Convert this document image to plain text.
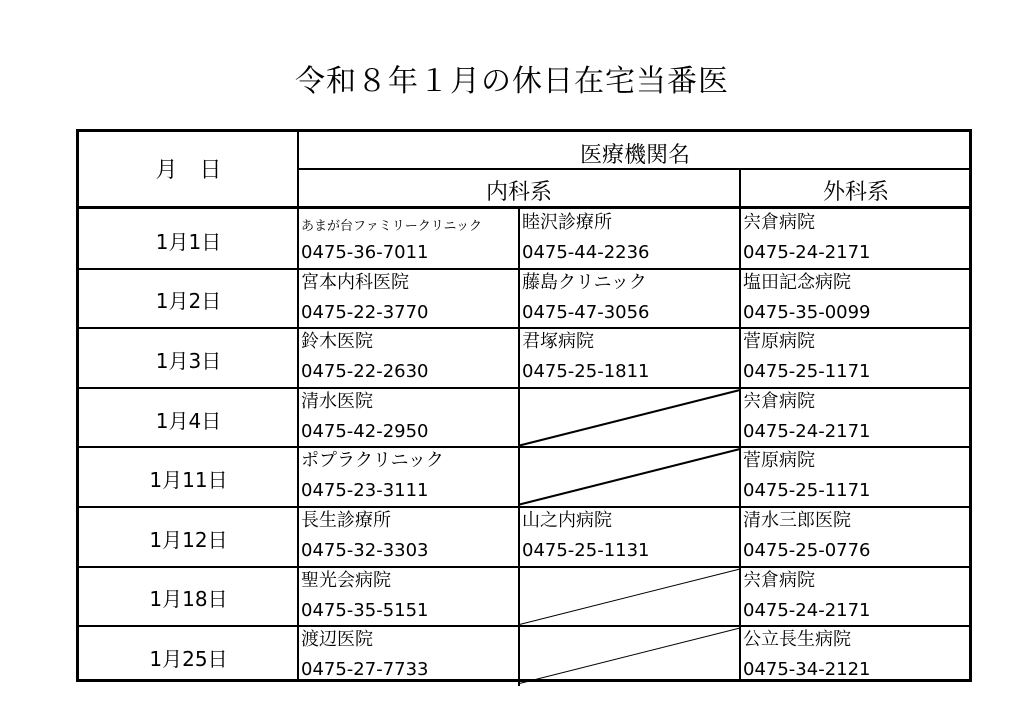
令和８年１月の休日在宅当番医
月　日
医療機関名
内科系	外科系
1月1日
あまが台ファミリークリニック
0475-36-7011
睦沢診療所
0475-44-2236
宍倉病院
0475-24-2171
1月2日
宮本内科医院
0475-22-3770
藤島クリニック
0475-47-3056
塩田記念病院
0475-35-0099
1月3日
鈴木医院
0475-22-2630
君塚病院
0475-25-1811
菅原病院
0475-25-1171
1月4日
清水医院
0475-42-2950
宍倉病院
0475-24-2171
1月11日
ポプラクリニック
0475-23-3111
菅原病院
0475-25-1171
1月12日
長生診療所
0475-32-3303
山之内病院
0475-25-1131
清水三郎医院
0475-25-0776
1月18日
聖光会病院
0475-35-5151
宍倉病院
0475-24-2171
1月25日
渡辺医院
0475-27-7733
公立長生病院
0475-34-2121
